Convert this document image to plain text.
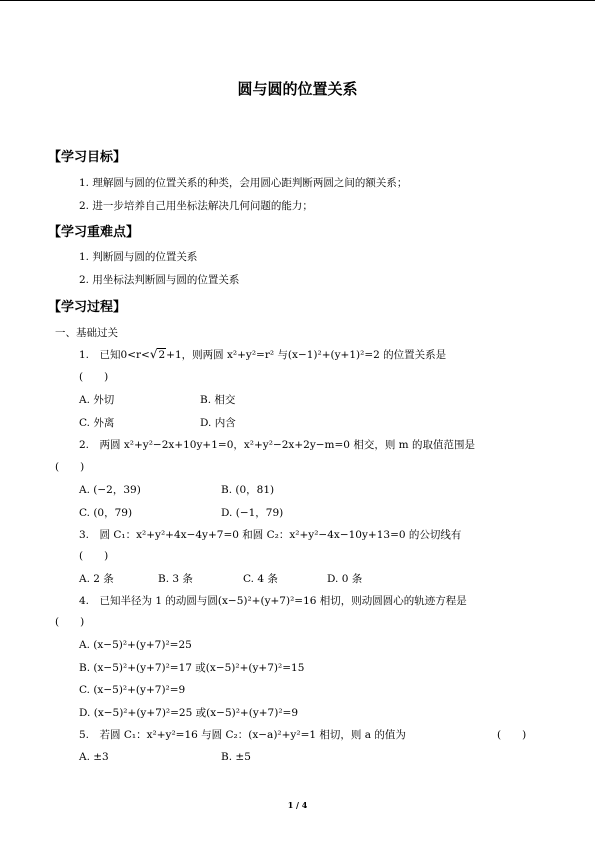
圆与圆的位置关系
【学习目标】
1. 理解圆与圆的位置关系的种类，会用圆心距判断两圆之间的额关系；
2. 进一步培养自己用坐标法解决几何问题的能力；
【学习重难点】
1. 判断圆与圆的位置关系
2. 用坐标法判断圆与圆的位置关系
【学习过程】
一、基础过关
1.　已知0<r<√2+1，则两圆 x²+y²=r² 与(x−1)²+(y+1)²=2 的位置关系是
(　　)
A. 外切	B. 相交
C. 外离	D. 内含
2.　两圆 x²+y²−2x+10y+1=0，x²+y²−2x+2y−m=0 相交，则 m 的取值范围是
(　　)
A. (−2，39)	B. (0，81)
C. (0，79)	D. (−1，79)
3.　圆 C₁：x²+y²+4x−4y+7=0 和圆 C₂：x²+y²−4x−10y+13=0 的公切线有
(　　)
A. 2 条	B. 3 条	C. 4 条	D. 0 条
4.　已知半径为 1 的动圆与圆(x−5)²+(y+7)²=16 相切，则动圆圆心的轨迹方程是
(　　)
A. (x−5)²+(y+7)²=25
B. (x−5)²+(y+7)²=17 或(x−5)²+(y+7)²=15
C. (x−5)²+(y+7)²=9
D. (x−5)²+(y+7)²=25 或(x−5)²+(y+7)²=9
5.　若圆 C₁：x²+y²=16 与圆 C₂：(x−a)²+y²=1 相切，则 a 的值为	(　　)
A. ±3	B. ±5
1 / 4
